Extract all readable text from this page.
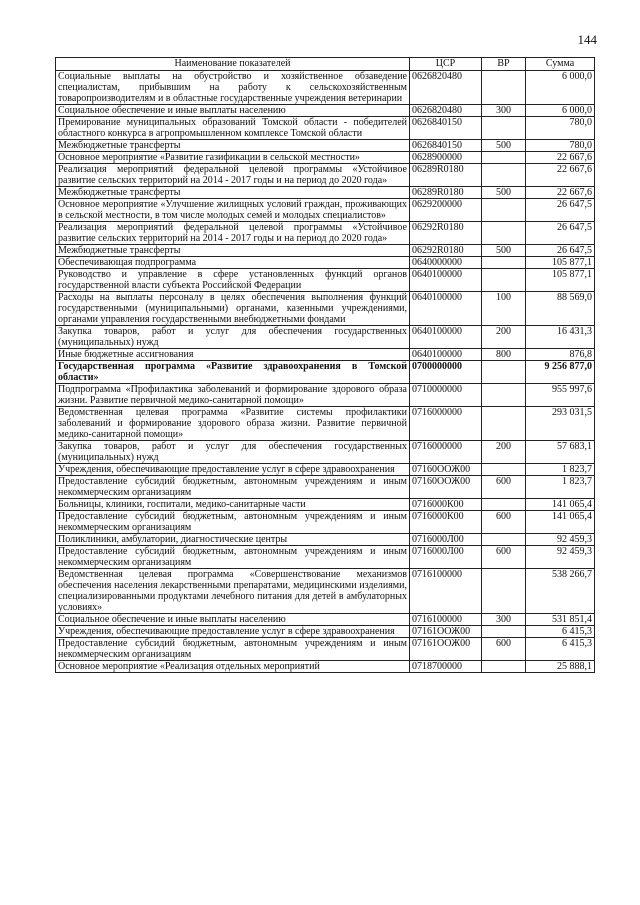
144
Наименование показателей	ЦСР	ВР	Сумма
Социальные выплаты на обустройство и хозяйственное обзаведение специалистам, прибывшим на работу к сельскохозяйственным товаропроизводителям и в областные государственные учреждения ветеринарии	0626820480		6 000,0
Социальное обеспечение и иные выплаты населению	0626820480	300	6 000,0
Премирование муниципальных образований Томской области - победителей областного конкурса в агропромышленном комплексе Томской области	0626840150		780,0
Межбюджетные трансферты	0626840150	500	780,0
Основное мероприятие «Развитие газификации в сельской местности»	0628900000		22 667,6
Реализация мероприятий федеральной целевой программы «Устойчивое развитие сельских территорий на 2014 - 2017 годы и на период до 2020 года»	06289R0180		22 667,6
Межбюджетные трансферты	06289R0180	500	22 667,6
Основное мероприятие «Улучшение жилищных условий граждан, проживающих в сельской местности, в том числе молодых семей и молодых специалистов»	0629200000		26 647,5
Реализация мероприятий федеральной целевой программы «Устойчивое развитие сельских территорий на 2014 - 2017 годы и на период до 2020 года»	06292R0180		26 647,5
Межбюджетные трансферты	06292R0180	500	26 647,5
Обеспечивающая подпрограмма	0640000000		105 877,1
Руководство и управление в сфере установленных функций органов государственной власти субъекта Российской Федерации	0640100000		105 877,1
Расходы на выплаты персоналу в целях обеспечения выполнения функций государственными (муниципальными) органами, казенными учреждениями, органами управления государственными внебюджетными фондами	0640100000	100	88 569,0
Закупка товаров, работ и услуг для обеспечения государственных (муниципальных) нужд	0640100000	200	16 431,3
Иные бюджетные ассигнования	0640100000	800	876,8
Государственная программа «Развитие здравоохранения в Томской области»	0700000000		9 256 877,0
Подпрограмма «Профилактика заболеваний и формирование здорового образа жизни. Развитие первичной медико-санитарной помощи»	0710000000		955 997,6
Ведомственная целевая программа «Развитие системы профилактики заболеваний и формирование здорового образа жизни. Развитие первичной медико-санитарной помощи»	0716000000		293 031,5
Закупка товаров, работ и услуг для обеспечения государственных (муниципальных) нужд	0716000000	200	57 683,1
Учреждения, обеспечивающие предоставление услуг в сфере здравоохранения	07160ООЖ00		1 823,7
Предоставление субсидий бюджетным, автономным учреждениям и иным некоммерческим организациям	07160ООЖ00	600	1 823,7
Больницы, клиники, госпитали, медико-санитарные части	0716000К00		141 065,4
Предоставление субсидий бюджетным, автономным учреждениям и иным некоммерческим организациям	0716000К00	600	141 065,4
Поликлиники, амбулатории, диагностические центры	0716000Л00		92 459,3
Предоставление субсидий бюджетным, автономным учреждениям и иным некоммерческим организациям	0716000Л00	600	92 459,3
Ведомственная целевая программа «Совершенствование механизмов обеспечения населения лекарственными препаратами, медицинскими изделиями, специализированными продуктами лечебного питания для детей в амбулаторных условиях»	0716100000		538 266,7
Социальное обеспечение и иные выплаты населению	0716100000	300	531 851,4
Учреждения, обеспечивающие предоставление услуг в сфере здравоохранения	07161ООЖ00		6 415,3
Предоставление субсидий бюджетным, автономным учреждениям и иным некоммерческим организациям	07161ООЖ00	600	6 415,3
Основное мероприятие «Реализация отдельных мероприятий	0718700000		25 888,1
